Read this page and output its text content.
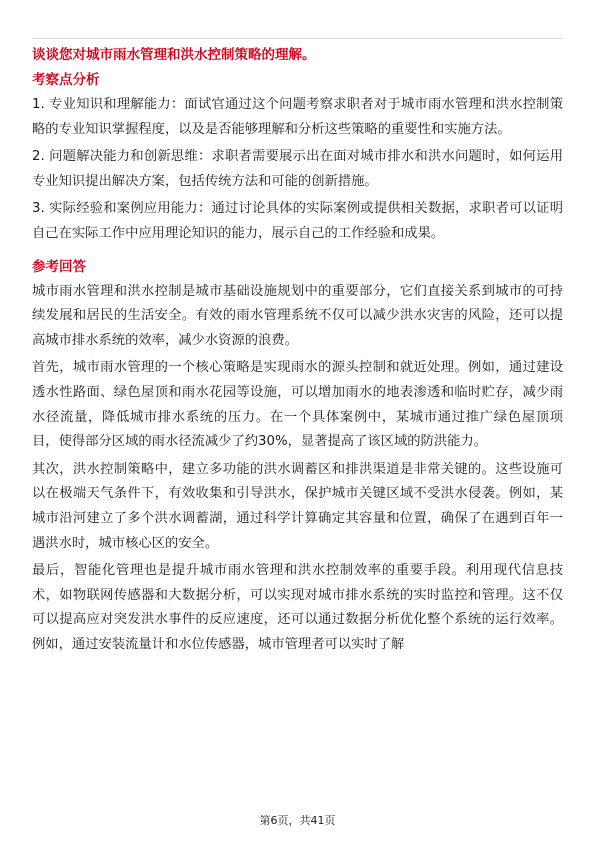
谈谈您对城市雨水管理和洪水控制策略的理解。

考察点分析

1. 专业知识和理解能力：面试官通过这个问题考察求职者对于城市雨水管理和洪水控制策略的专业知识掌握程度，以及是否能够理解和分析这些策略的重要性和实施方法。

2. 问题解决能力和创新思维：求职者需要展示出在面对城市排水和洪水问题时，如何运用专业知识提出解决方案，包括传统方法和可能的创新措施。

3. 实际经验和案例应用能力：通过讨论具体的实际案例或提供相关数据，求职者可以证明自己在实际工作中应用理论知识的能力，展示自己的工作经验和成果。

参考回答

城市雨水管理和洪水控制是城市基础设施规划中的重要部分，它们直接关系到城市的可持续发展和居民的生活安全。有效的雨水管理系统不仅可以减少洪水灾害的风险，还可以提高城市排水系统的效率，减少水资源的浪费。

首先，城市雨水管理的一个核心策略是实现雨水的源头控制和就近处理。例如，通过建设透水性路面、绿色屋顶和雨水花园等设施，可以增加雨水的地表渗透和临时贮存，减少雨水径流量，降低城市排水系统的压力。在一个具体案例中，某城市通过推广绿色屋顶项目，使得部分区域的雨水径流减少了约30%，显著提高了该区域的防洪能力。

其次，洪水控制策略中，建立多功能的洪水调蓄区和排洪渠道是非常关键的。这些设施可以在极端天气条件下，有效收集和引导洪水，保护城市关键区域不受洪水侵袭。例如，某城市沿河建立了多个洪水调蓄湖，通过科学计算确定其容量和位置，确保了在遇到百年一遇洪水时，城市核心区的安全。

最后，智能化管理也是提升城市雨水管理和洪水控制效率的重要手段。利用现代信息技术，如物联网传感器和大数据分析，可以实现对城市排水系统的实时监控和管理。这不仅可以提高应对突发洪水事件的反应速度，还可以通过数据分析优化整个系统的运行效率。例如，通过安装流量计和水位传感器，城市管理者可以实时了解

第6页，共41页
